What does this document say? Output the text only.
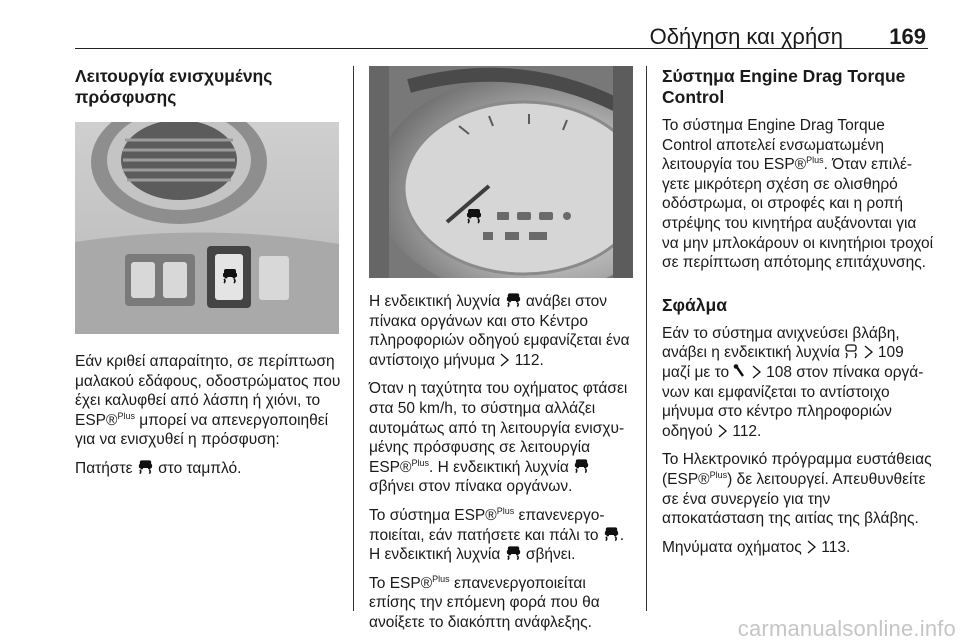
Οδήγηση και χρήση 169
Λειτουργία ενισχυμένης πρόσφυσης

Εάν κριθεί απαραίτητο, σε περίπτωση μαλακού εδάφους, οδοστρώματος που έχει καλυφθεί από λάσπη ή χιόνι, το ESP®$^{Plus}$ μπορεί να απενεργοποιηθεί για να ενισχυθεί η πρόσφυση:

Πατήστε  στο ταμπλό.

Η ενδεικτική λυχνία  ανάβει στον πίνακα οργάνων και στο Κέντρο πληροφοριών οδηγού εμφανίζεται ένα αντίστοιχο μήνυμα  112.

Όταν η ταχύτητα του οχήματος φτάσει στα 50 km/h, το σύστημα αλλάζει αυτομάτως από τη λειτουργία ενισχυμένης πρόσφυσης σε λειτουργία ESP®$^{Plus}$. Η ενδεικτική λυχνία  σβήνει στον πίνακα οργάνων.

Το σύστημα ESP®$^{Plus}$ επανενεργοποιείται, εάν πατήσετε και πάλι το . Η ενδεικτική λυχνία  σβήνει.

Το ESP®$^{Plus}$ επανενεργοποιείται επίσης την επόμενη φορά που θα ανοίξετε το διακόπτη ανάφλεξης.

Σύστημα Engine Drag Torque Control

Το σύστημα Engine Drag Torque Control αποτελεί ενσωματωμένη λειτουργία του ESP®$^{Plus}$. Όταν επιλέγετε μικρότερη σχέση σε ολισθηρό οδόστρωμα, οι στροφές και η ροπή στρέψης του κινητήρα αυξάνονται για να μην μπλοκάρουν οι κινητήριοι τροχοί σε περίπτωση απότομης επιτάχυνσης.

Σφάλμα

Εάν το σύστημα ανιχνεύσει βλάβη, ανάβει η ενδεικτική λυχνία   109 μαζί με το   108 στον πίνακα οργάνων και εμφανίζεται το αντίστοιχο μήνυμα στο κέντρο πληροφοριών οδηγού  112.

Το Ηλεκτρονικό πρόγραμμα ευστάθειας (ESP®$^{Plus}$) δε λειτουργεί. Απευθυνθείτε σε ένα συνεργείο για την αποκατάσταση της αιτίας της βλάβης.

Μηνύματα οχήματος  113.

carmanualsonline.info
